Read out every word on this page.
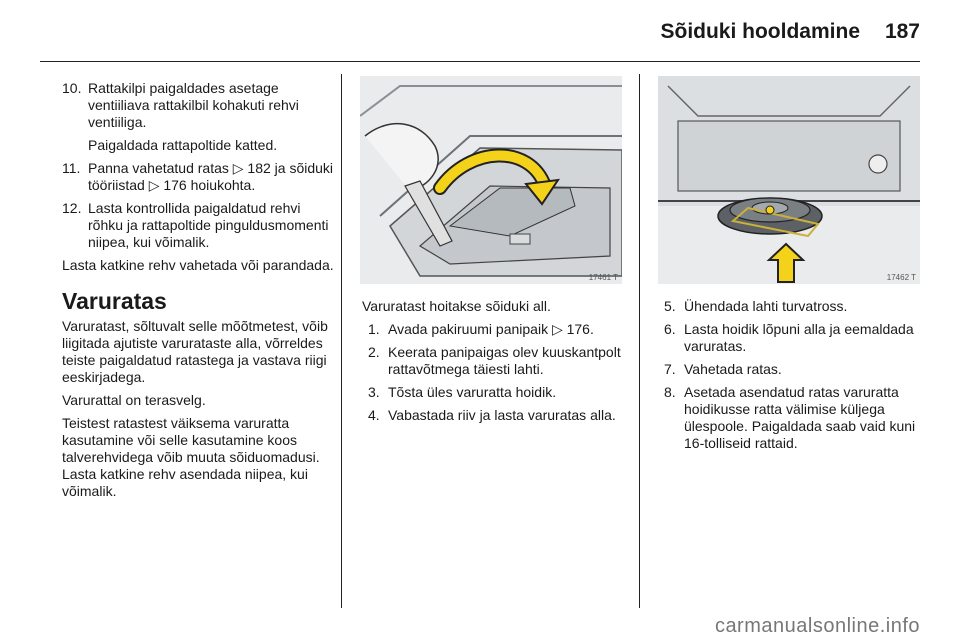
Sõiduki hooldamine 187
10. Rattakilpi paigaldades asetage ventiiliava rattakilbil kohakuti rehvi ventiiliga.
Paigaldada rattapoltide katted.
11. Panna vahetatud ratas ▷ 182 ja sõiduki tööriistad ▷ 176 hoiukohta.
12. Lasta kontrollida paigaldatud rehvi rõhku ja rattapoltide pinguldusmomenti niipea, kui võimalik.
Lasta katkine rehv vahetada või parandada.
Varuratas
Varuratast, sõltuvalt selle mõõtmetest, võib liigitada ajutiste varurataste alla, võrreldes teiste paigaldatud ratastega ja vastava riigi eeskirjadega.
Varurattal on terasvelg.
Teistest ratastest väiksema varuratta kasutamine või selle kasutamine koos talverehvidega võib muuta sõiduomadusi. Lasta katkine rehv asendada niipea, kui võimalik.
17461 T	17462 T
Varuratast hoitakse sõiduki all.
1. Avada pakiruumi panipaik ▷ 176.
2. Keerata panipaigas olev kuuskantpolt rattavõtmega täiesti lahti.
3. Tõsta üles varuratta hoidik.
4. Vabastada riiv ja lasta varuratas alla.
5. Ühendada lahti turvatross.
6. Lasta hoidik lõpuni alla ja eemaldada varuratas.
7. Vahetada ratas.
8. Asetada asendatud ratas varuratta hoidikusse ratta välimise küljega ülespoole. Paigaldada saab vaid kuni 16-tolliseid rattaid.
carmanualsonline.info
